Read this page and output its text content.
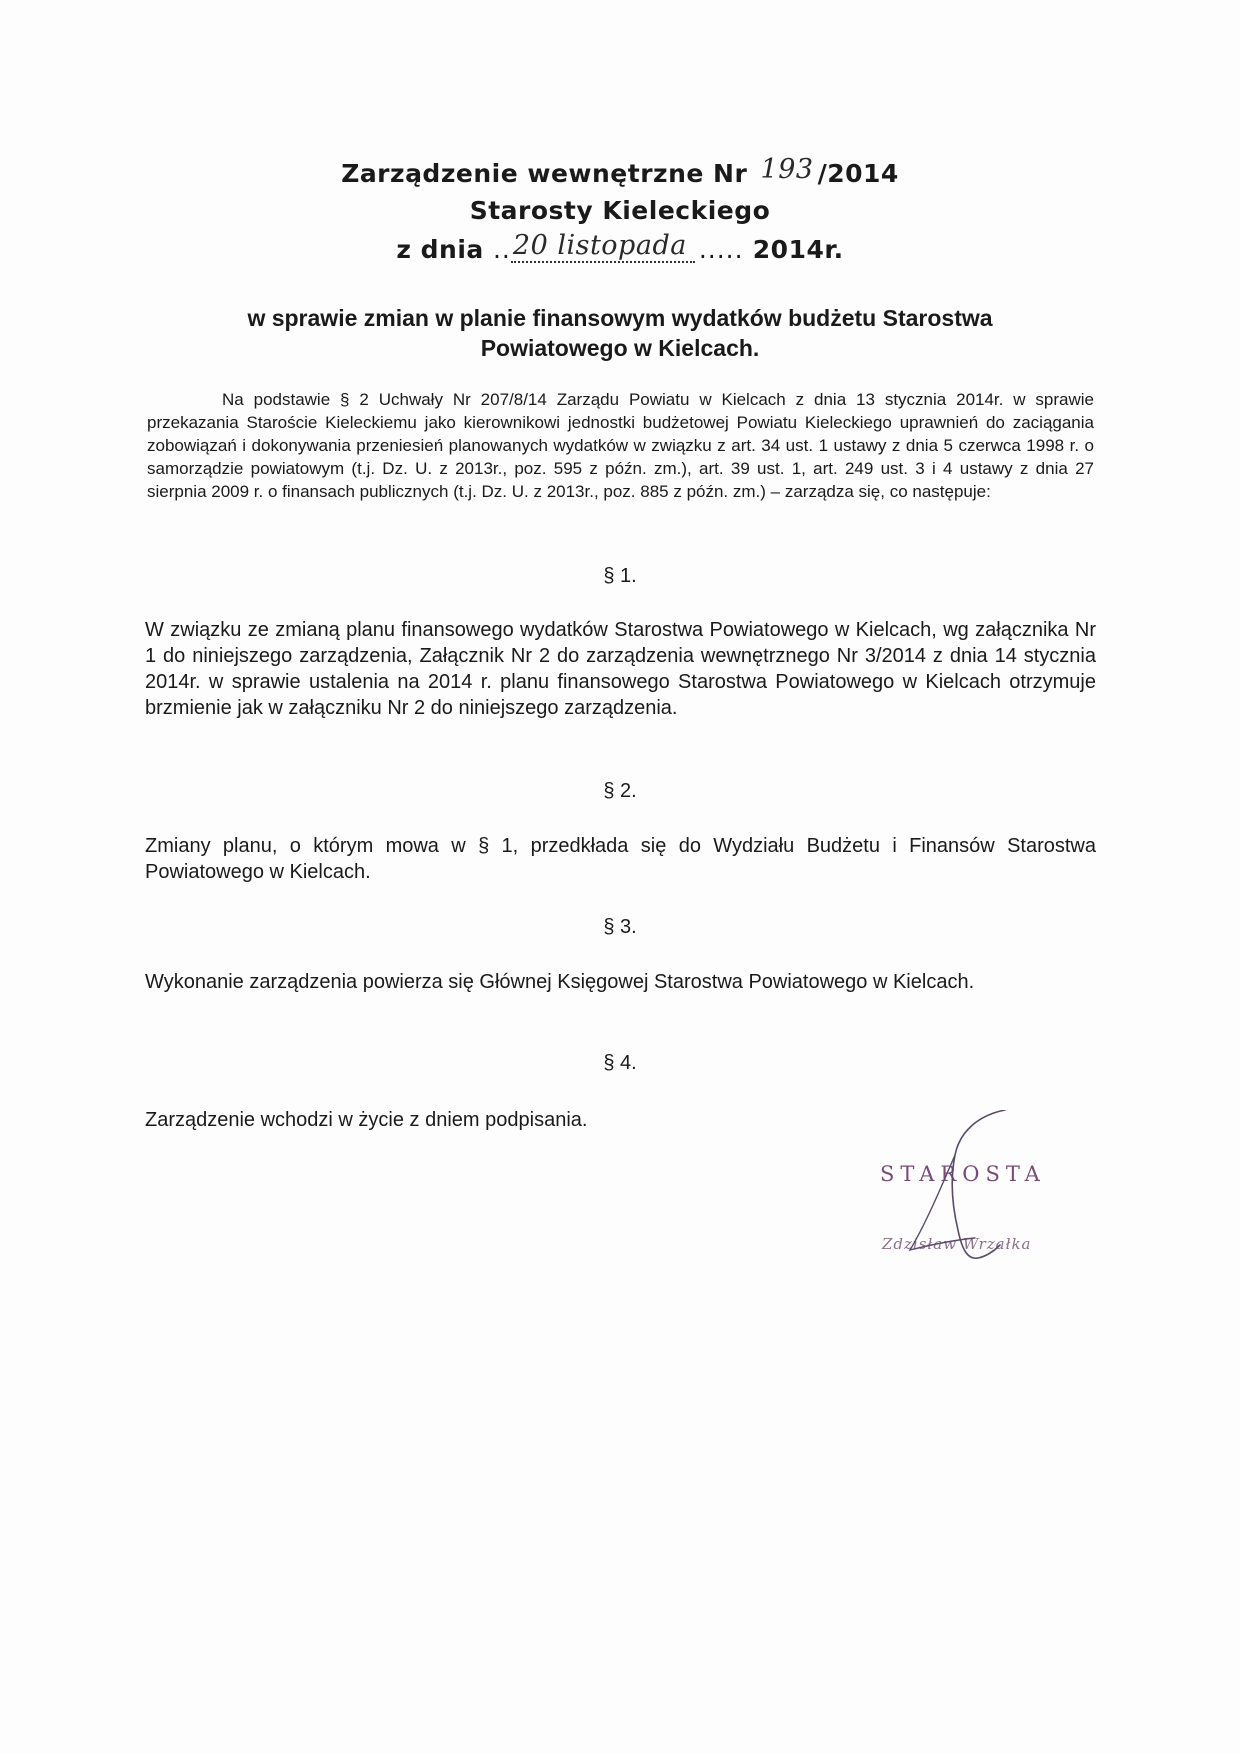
Zarządzenie wewnętrzne Nr 193 /2014
Starosty Kieleckiego
z dnia ..20 listopada ..... 2014r.
w sprawie zmian w planie finansowym wydatków budżetu Starostwa Powiatowego w Kielcach.
Na podstawie § 2 Uchwały Nr 207/8/14 Zarządu Powiatu w Kielcach z dnia 13 stycznia 2014r. w sprawie przekazania Staroście Kieleckiemu jako kierownikowi jednostki budżetowej Powiatu Kieleckiego uprawnień do zaciągania zobowiązań i dokonywania przeniesień planowanych wydatków w związku z art. 34 ust. 1 ustawy z dnia 5 czerwca 1998 r. o samorządzie powiatowym (t.j. Dz. U. z 2013r., poz. 595 z późn. zm.), art. 39 ust. 1, art. 249 ust. 3 i 4 ustawy z dnia 27 sierpnia 2009 r. o finansach publicznych (t.j. Dz. U. z 2013r., poz. 885 z późn. zm.) – zarządza się, co następuje:
§ 1.
W związku ze zmianą planu finansowego wydatków Starostwa Powiatowego w Kielcach, wg załącznika Nr 1 do niniejszego zarządzenia, Załącznik Nr 2 do zarządzenia wewnętrznego Nr 3/2014 z dnia 14 stycznia 2014r. w sprawie ustalenia na 2014 r. planu finansowego Starostwa Powiatowego w Kielcach otrzymuje brzmienie jak w załączniku Nr 2 do niniejszego zarządzenia.
§ 2.
Zmiany planu, o którym mowa w § 1, przedkłada się do Wydziału Budżetu i Finansów Starostwa Powiatowego w Kielcach.
§ 3.
Wykonanie zarządzenia powierza się Głównej Księgowej Starostwa Powiatowego w Kielcach.
§ 4.
Zarządzenie wchodzi w życie z dniem podpisania.
STAROSTA
Zdzisław Wrzałka
